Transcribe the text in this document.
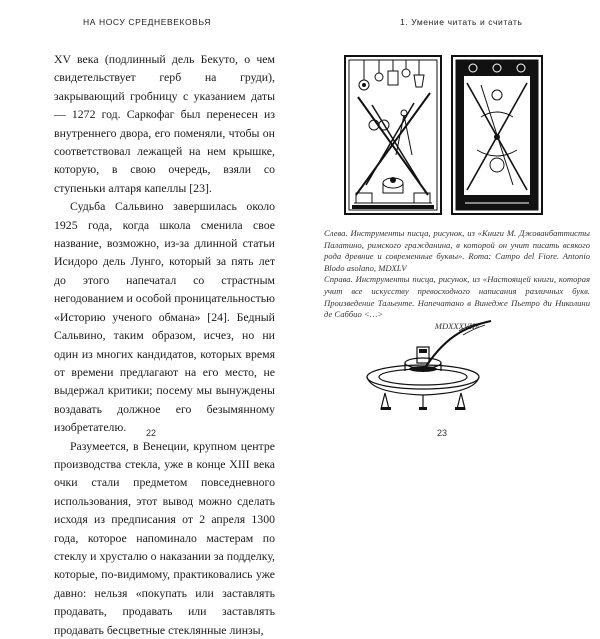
НА НОСУ СРЕДНЕВЕКОВЬЯ

XV века (подлинный дель Бекуто, о чем свидетельствует герб на груди), закрывающий гробницу с указанием даты — 1272 год. Саркофаг был перенесен из внутреннего двора, его поменяли, чтобы он соответствовал лежащей на нем крышке, которую, в свою очередь, взяли со ступеньки алтаря капеллы [23].

Судьба Сальвино завершилась около 1925 года, когда школа сменила свое название, возможно, из-за длинной статьи Исидоро дель Лунго, который за пять лет до этого напечатал со страстным негодованием и особой проницательностью «Историю ученого обмана» [24]. Бедный Сальвино, таким образом, исчез, но ни один из многих кандидатов, которых время от времени предлагают на его место, не выдержал критики; посему мы вынуждены воздавать должное его безымянному изобретателю.

Разумеется, в Венеции, крупном центре производства стекла, уже в конце XIII века очки стали предметом повседневного использования, этот вывод можно сделать исходя из предписания от 2 апреля 1300 года, которое напоминало мастерам по стеклу и хрусталю о наказании за подделку, которые, по-видимому, практиковались уже давно: нельзя «покупать или заставлять продавать, продавать или заставлять продавать бесцветные стеклянные линзы,

22
1. Умение читать и считать

Слева. Инструменты писца, рисунок, из «Книги М. Джованбаттисты Палатино, римского гражданина, в которой он учит писать всякого рода древние и современные буквы». Roma: Campo del Fiore. Antonio Blodo asolano, MDXLV

Справа. Инструменты писца, рисунок, из «Настоящей книги, которая учит все искусству превосходного написания различных букв. Произведение Тальенте. Напечатано в Винедже Пьетро ди Николини де Саббио <…>

MDXXXVII»

23
